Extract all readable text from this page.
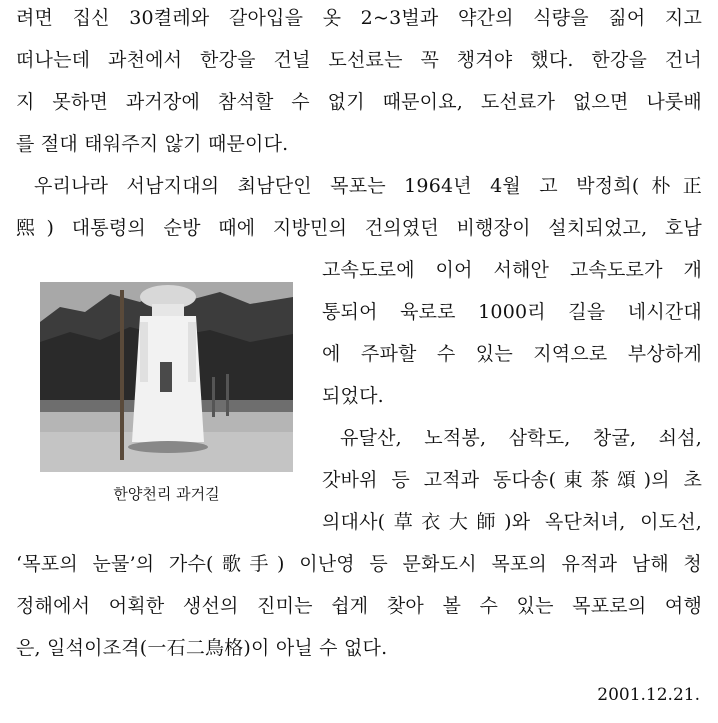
려면 집신 30켤레와 갈아입을 옷 2~3벌과 약간의 식량을 짊어 지고
떠나는데 과천에서 한강을 건널 도선료는 꼭 챙겨야 했다. 한강을 건너
지 못하면 과거장에 참석할 수 없기 때문이요, 도선료가 없으면 나룻배
를 절대 태워주지 않기 때문이다.
우리나라 서남지대의 최남단인 목포는 1964년 4월 고 박정희(朴正
熙) 대통령의 순방 때에 지방민의 건의였던 비행장이 설치되었고, 호남
고속도로에 이어 서해안 고속도로가 개
통되어 육로로 1000리 길을 네시간대
에 주파할 수 있는 지역으로 부상하게
되었다.
유달산, 노적봉, 삼학도, 창굴, 쇠섬,
갓바위 등 고적과 동다송(東茶頌)의 초
의대사(草衣大師)와 옥단처녀, 이도선,
‘목포의 눈물’의 가수(歌手) 이난영 등 문화도시 목포의 유적과 남해 청
정해에서 어획한 생선의 진미는 쉽게 찾아 볼 수 있는 목포로의 여행
은, 일석이조격(一石二鳥格)이 아닐 수 없다.
한양천리 과거길
2001.12.21.
